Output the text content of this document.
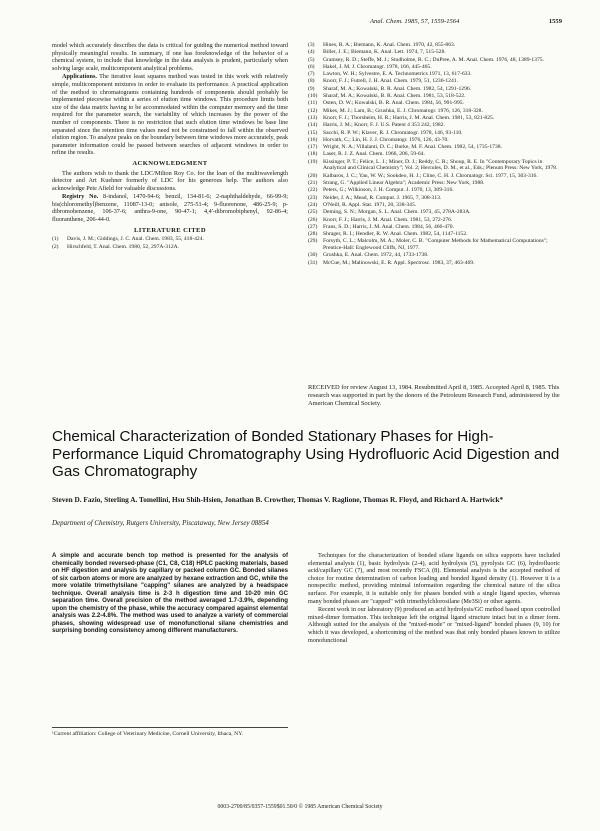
Anal. Chem. 1985, 57, 1559-1564	1559

model which accurately describes the data is critical for guiding the numerical method toward physically meaningful results. In summary, if one has foreknowledge of the behavior of a chemical system, to include that knowledge in the data analysis is prudent, particularly when solving large scale, multicomponent analytical problems.

Applications. The iterative least squares method was tested in this work with relatively simple, multicomponent mixtures in order to evaluate its performance. A practical application of the method to chromatograms containing hundreds of components should probably be implemented piecewise within a series of elution time windows. This procedure limits both size of the data matrix having to be accommodated within the computer memory and the time required for the parameter search, the variability of which increases by the power of the number of components. There is no restriction that such elution time windows be base line separated since the retention time values need not be constrained to fall within the observed elution region. To analyze peaks on the boundary between time windows more accurately, peak parameter information could be passed between searches of adjacent windows in order to refine the results.

ACKNOWLEDGMENT

The authors wish to thank the LDC/Milton Roy Co. for the loan of the multiwavelength detector and Art Kuehner formerly of LDC for his generous help. The authors also acknowledge Pete Afield for valuable discussions.

Registry No. 8-indanol, 1470-94-6; benzil, 134-81-6; 2-naphthaldehyde, 66-99-9; bis(chloromethyl)benzene, 11087-13-0; anisole, 275-51-4; 9-fluorenone, 486-25-9; p-dibromobenzene, 106-37-6; anthra-9-one, 90-47-1; 4,4'-dibromobiphenyl, 92-86-4; fluoranthene, 206-44-0.

LITERATURE CITED
(1)	Davis, J. M.; Giddings, J. C. Anal. Chem. 1983, 55, 418-424.
(2)	Hirschfeld, T. Anal. Chem. 1980, 52, 297A-312A.
(3)	Hines, R. A.; Biemann, K. Anal. Chem. 1970, 42, 855-863.
(4)	Biller, J. E.; Biemann, K. Anal. Lett. 1974, 7, 515-528.
(5)	Gramsey, R. D.; Steffe, M. J.; Studholme, R. C.; DuPree, A. M. Anal. Chem. 1976, 48, 1389-1375.
(6)	Hakel, J. M. J. Chromatogr. 1978, 166, 445-465.
(7)	Lawton, W. H.; Sylvestre, E. A. Technometrics 1971, 13, 617-633.
(8)	Knorr, F. J.; Futrell, J. H. Anal. Chem. 1979, 51, 1236-1241.
(9)	Sharaf, M. A.; Kowalski, B. R. Anal. Chem. 1982, 54, 1291-1296.
(10)	Sharaf, M. A.; Kowalski, B. R. Anal. Chem. 1981, 53, 518-522.
(11)	Osten, D. W.; Kowalski, B. R. Anal. Chem. 1984, 56, 991-995.
(12)	Mikes, M. J.; Lam, B.; Grushka, E. J. Chromatogr. 1976, 126, 318-328.
(13)	Knorr, F. J.; Thorsheim, H. R.; Harris, J. M. Anal. Chem. 1981, 53, 821-825.
(14)	Harris, J. M.; Knorr, F. J. U.S. Patent 4 353 242, 1982.
(15)	Sacchi, R. P. W.; Klaver, R. J. Chromatogr. 1978, 146, 93-110.
(16)	Horvath, C.; Lin, H. J. J. Chromatogr. 1976, 126, 43-70.
(17)	Wright, N. A.; Villalanti, D. C.; Burke, M. F. Anal. Chem. 1982, 54, 1735-1738.
(18)	Laser, R. J. Z. Anal. Chem. 1966, 206, 59-64.
(19)	Kissinger, P. T.; Felice, L. J.; Miner, D. J.; Reddy, C. R.; Shoup, R. E. In "Contemporary Topics in Analytical and Clinical Chemistry"; Vol. 2; Hercules, D. M., et al., Eds.; Plenum Press: New York, 1978.
(20)	Kalbaros, J. C.; Yau, W. W.; Sookdeo, H. J.; Cline, C. H. J. Chromatogr. Sci. 1977, 15, 303-316.
(21)	Strang, G. "Applied Linear Algebra"; Academic Press: New York, 1988.
(22)	Peters, G.; Wilkinson, J. H. Comput. J. 1970, 13, 309-316.
(23)	Nelder, J. A.; Mead, R. Comput. J. 1965, 7, 308-313.
(24)	O'Neill, R. Appl. Stat. 1971, 20, 338-345.
(25)	Deming, S. N.; Morgan, S. L. Anal. Chem. 1973, 45, 278A-283A.
(26)	Knorr, F. J.; Harris, J. M. Anal. Chem. 1981, 53, 272-276.
(27)	Frans, S. D.; Harris, J. M. Anal. Chem. 1984, 56, 466-470.
(28)	Shrager, R. I.; Hendler, R. W. Anal. Chem. 1982, 54, 1147-1152.
(29)	Forsyth, C. L.; Malcolm, M. A.; Moler, C. B. "Computer Methods for Mathematical Computations"; Prentice-Hall: Englewood Cliffs, NJ, 1977.
(30)	Grushka, E. Anal. Chem. 1972, 44, 1733-1738.
(31)	McCue, M.; Malinowski, E. R. Appl. Spectrosc. 1983, 37, 463-469.
RECEIVED for review August 13, 1984. Resubmitted April 8, 1985. Accepted April 8, 1985. This research was supported in part by the donors of the Petroleum Research Fund, administered by the American Chemical Society.
Chemical Characterization of Bonded Stationary Phases for High-Performance Liquid Chromatography Using Hydrofluoric Acid Digestion and Gas Chromatography
Steven D. Fazio, Sterling A. Tomellini, Hsu Shih-Hsien, Jonathan B. Crowther, Thomas V. Raglione, Thomas R. Floyd, and Richard A. Hartwick*
Department of Chemistry, Rutgers University, Piscataway, New Jersey 08854
A simple and accurate bench top method is presented for the analysis of chemically bonded reversed-phase (C1, C8, C18) HPLC packing materials, based on HF digestion and analysis by capillary or packed column GC. Bonded silanes of six carbon atoms or more are analyzed by hexane extraction and GC, while the more volatile trimethylsilane "capping" silanes are analyzed by a headspace technique. Overall analysis time is 2-3 h digestion time and 10-20 min GC separation time. Overall precision of the method averaged 1.7-3.9%, depending upon the chemistry of the phase, while the accuracy compared against elemental analysis was 2.2-4.8%. The method was used to analyze a variety of commercial phases, showing widespread use of monofunctional silane chemistries and surprising bonding consistency among different manufacturers.
¹Current affiliation: College of Veterinary Medicine, Cornell University, Ithaca, NY.

Techniques for the characterization of bonded silane ligands on silica supports have included elemental analysis (1), basic hydrolysis (2-4), acid hydrolysis (5), pyrolysis GC (6), hydrofluoric acid/capillary GC (7), and most recently FSCA (8). Elemental analysis is the accepted method of choice for routine determination of carbon loading and bonded ligand density (1). However it is a nonspecific method, providing minimal information regarding the chemical nature of the silica surface. For example, it is suitable only for phases bonded with a single ligand species, whereas many bonded phases are "capped" with trimethylchlorosilane (Me3Si) or other agents.

Recent work in our laboratory (9) produced an acid hydrolysis/GC method based upon controlled mixed-dimer formation. This technique left the original ligand structure intact but in a dimer form. Although suited for the analysis of the "mixed-mode" or "mixed-ligand" bonded phases (9, 10) for which it was developed, a shortcoming of the method was that only bonded phases known to utilize monofunctional

0003-2700/85/0357-1559$01.50/0 © 1985 American Chemical Society
